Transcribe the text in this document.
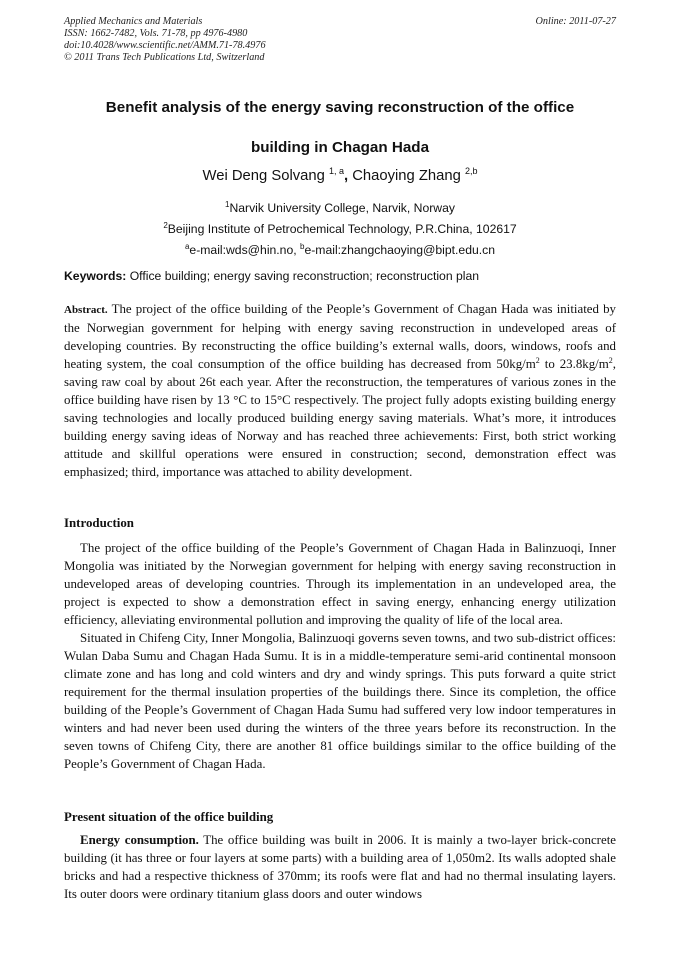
Applied Mechanics and Materials
ISSN: 1662-7482, Vols. 71-78, pp 4976-4980
doi:10.4028/www.scientific.net/AMM.71-78.4976
© 2011 Trans Tech Publications Ltd, Switzerland
Online: 2011-07-27
Benefit analysis of the energy saving reconstruction of the office
building in Chagan Hada
Wei Deng Solvang $^{1, a}$, Chaoying Zhang $^{2,b}$
$^1$Narvik University College, Narvik, Norway
$^2$Beijing Institute of Petrochemical Technology, P.R.China, 102617
$^a$e-mail:wds@hin.no, $^b$e-mail:zhangchaoying@bipt.edu.cn
Keywords: Office building; energy saving reconstruction; reconstruction plan
Abstract. The project of the office building of the People’s Government of Chagan Hada was initiated by the Norwegian government for helping with energy saving reconstruction in undeveloped areas of developing countries. By reconstructing the office building’s external walls, doors, windows, roofs and heating system, the coal consumption of the office building has decreased from $50kg/m^2$ to $23.8kg/m^2$, saving raw coal by about 26t each year. After the reconstruction, the temperatures of various zones in the office building have risen by 13 °C to 15°C respectively. The project fully adopts existing building energy saving technologies and locally produced building energy saving materials. What’s more, it introduces building energy saving ideas of Norway and has reached three achievements: First, both strict working attitude and skillful operations were ensured in construction; second, demonstration effect was emphasized; third, importance was attached to ability development.
Introduction

The project of the office building of the People’s Government of Chagan Hada in Balinzuoqi, Inner Mongolia was initiated by the Norwegian government for helping with energy saving reconstruction in undeveloped areas of developing countries. Through its implementation in an undeveloped area, the project is expected to show a demonstration effect in saving energy, enhancing energy utilization efficiency, alleviating environmental pollution and improving the quality of life of the local area.

Situated in Chifeng City, Inner Mongolia, Balinzuoqi governs seven towns, and two sub-district offices: Wulan Daba Sumu and Chagan Hada Sumu. It is in a middle-temperature semi-arid continental monsoon climate zone and has long and cold winters and dry and windy springs. This puts forward a quite strict requirement for the thermal insulation properties of the buildings there. Since its completion, the office building of the People’s Government of Chagan Hada Sumu had suffered very low indoor temperatures in winters and had never been used during the winters of the three years before its reconstruction. In the seven towns of Chifeng City, there are another 81 office buildings similar to the office building of the People’s Government of Chagan Hada.

Present situation of the office building

Energy consumption. The office building was built in 2006. It is mainly a two-layer brick-concrete building (it has three or four layers at some parts) with a building area of 1,050m2. Its walls adopted shale bricks and had a respective thickness of 370mm; its roofs were flat and had no thermal insulating layers. Its outer doors were ordinary titanium glass doors and outer windows
